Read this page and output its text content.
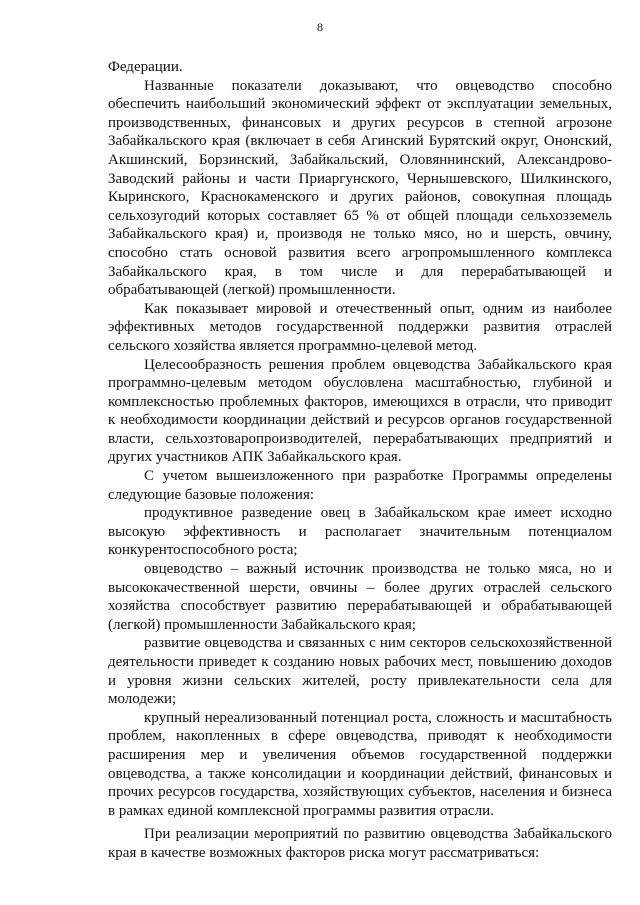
8

Федерации.

Названные показатели доказывают, что овцеводство способно обеспечить наибольший экономический эффект от эксплуатации земельных, производственных, финансовых и других ресурсов в степной агрозоне Забайкальского края (включает в себя Агинский Бурятский округ, Ононский, Акшинский, Борзинский, Забайкальский, Оловяннинский, Александрово-Заводский районы и части Приаргунского, Чернышевского, Шилкинского, Кыринского, Краснокаменского и других районов, совокупная площадь сельхозугодий которых составляет 65 % от общей площади сельхозземель Забайкальского края) и, производя не только мясо, но и шерсть, овчину, способно стать основой развития всего агропромышленного комплекса Забайкальского края, в том числе и для перерабатывающей и обрабатывающей (легкой) промышленности.

Как показывает мировой и отечественный опыт, одним из наиболее эффективных методов государственной поддержки развития отраслей сельского хозяйства является программно-целевой метод.

Целесообразность решения проблем овцеводства Забайкальского края программно-целевым методом обусловлена масштабностью, глубиной и комплексностью проблемных факторов, имеющихся в отрасли, что приводит к необходимости координации действий и ресурсов органов государственной власти, сельхозтоваропроизводителей, перерабатывающих предприятий и других участников АПК Забайкальского края.

С учетом вышеизложенного при разработке Программы определены следующие базовые положения:

продуктивное разведение овец в Забайкальском крае имеет исходно высокую эффективность и располагает значительным потенциалом конкурентоспособного роста;

овцеводство – важный источник производства не только мяса, но и высококачественной шерсти, овчины – более других отраслей сельского хозяйства способствует развитию перерабатывающей и обрабатывающей (легкой) промышленности Забайкальского края;

развитие овцеводства и связанных с ним секторов сельскохозяйственной деятельности приведет к созданию новых рабочих мест, повышению доходов и уровня жизни сельских жителей, росту привлекательности села для молодежи;

крупный нереализованный потенциал роста, сложность и масштабность проблем, накопленных в сфере овцеводства, приводят к необходимости расширения мер и увеличения объемов государственной поддержки овцеводства, а также консолидации и координации действий, финансовых и прочих ресурсов государства, хозяйствующих субъектов, населения и бизнеса в рамках единой комплексной программы развития отрасли.

При реализации мероприятий по развитию овцеводства Забайкальского края в качестве возможных факторов риска могут рассматриваться:
